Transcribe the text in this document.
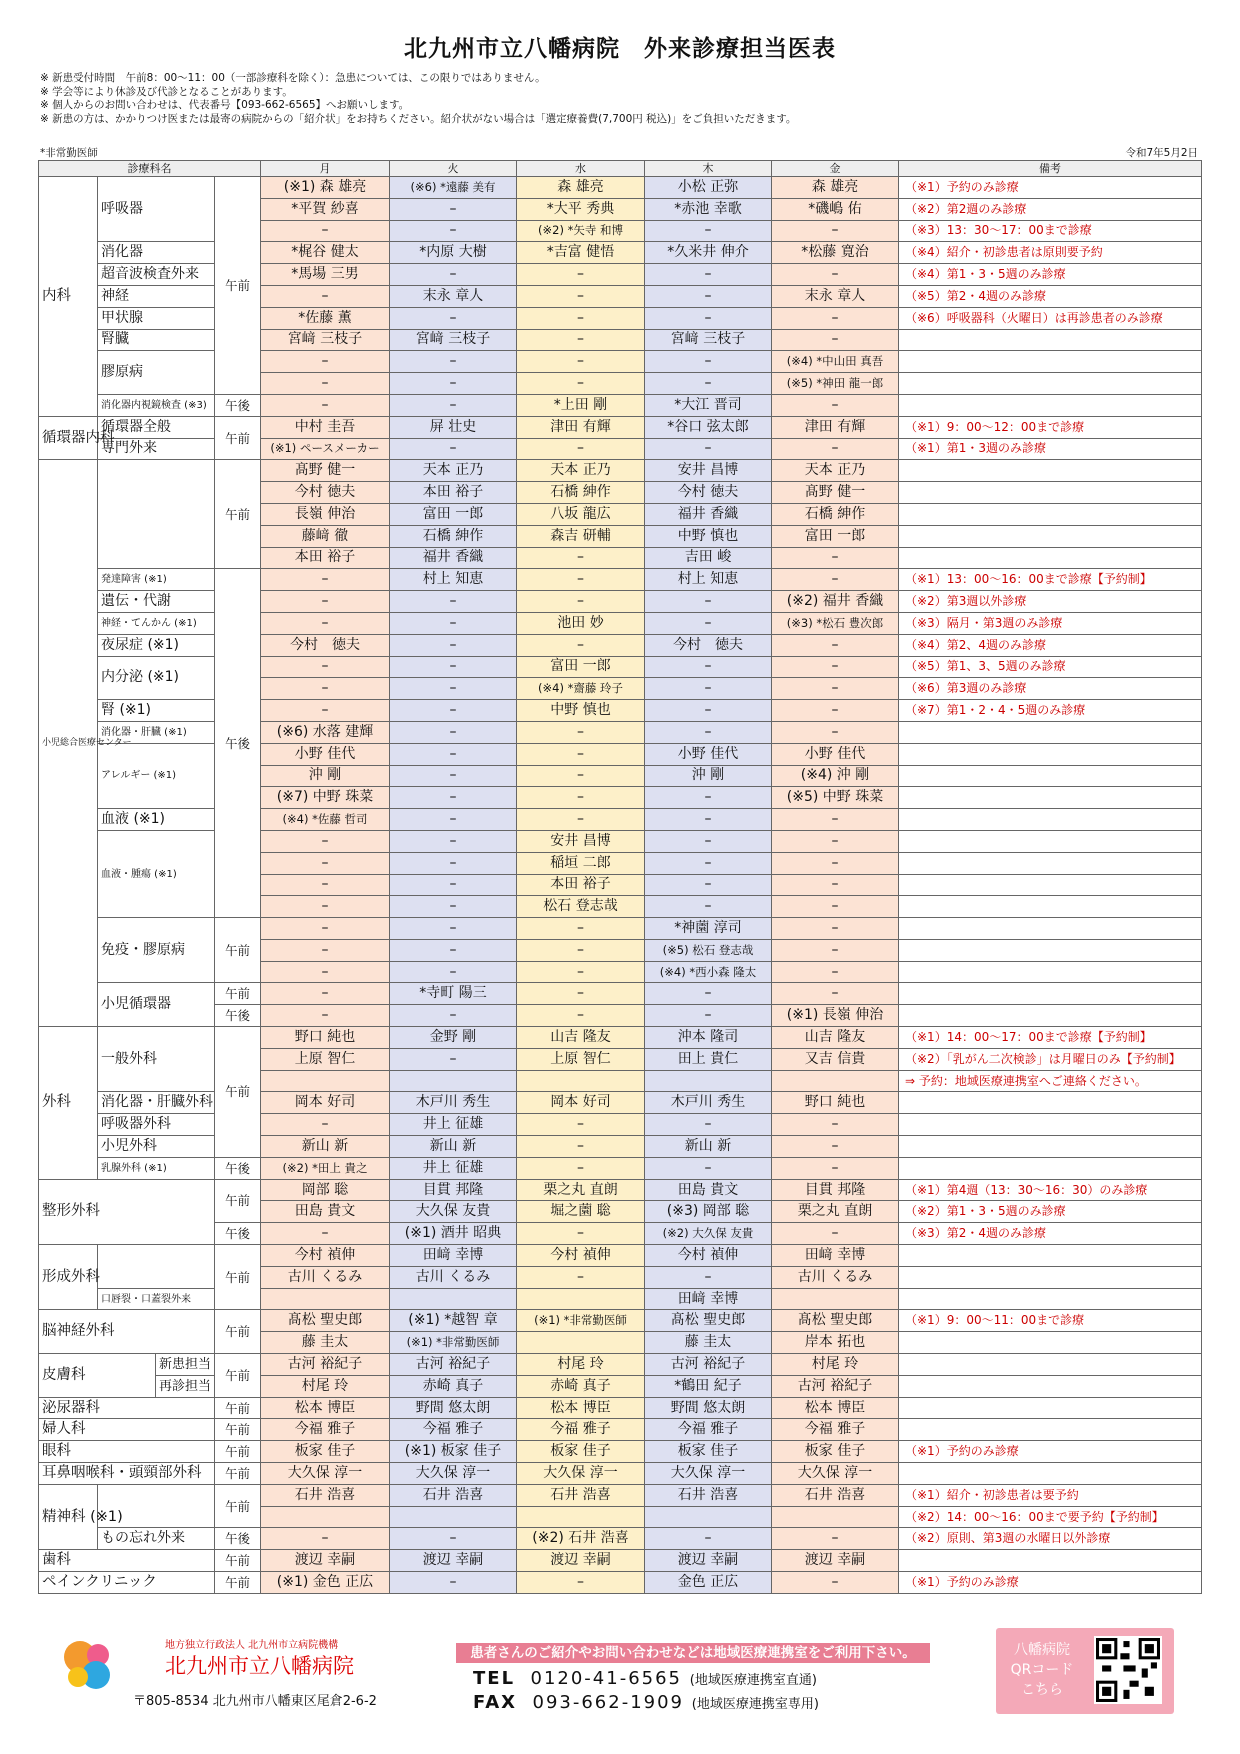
北九州市立八幡病院　外来診療担当医表
※ 新患受付時間　午前8：00〜11：00（一部診療科を除く）：急患については、この限りではありません。
※ 学会等により休診及び代診となることがあります。
※ 個人からのお問い合わせは、代表番号【093-662-6565】へお願いします。
※ 新患の方は、かかりつけ医または最寄の病院からの「紹介状」をお持ちください。紹介状がない場合は「選定療養費(7,700円 税込)」をご負担いただきます。
*非常勤医師	令和7年5月2日
診療科名				月	火	水	木	金	備考
内科	呼吸器		午前	(※1) 森 雄亮	(※6) *遠藤 美有	森 雄亮	小松 正弥	森 雄亮	（※1）予約のみ診療
				*平賀 紗喜	–	*大平 秀典	*赤池 幸歌	*磯嶋 佑	（※2）第2週のみ診療
				–	–	(※2) *矢寺 和博	–	–	（※3）13：30〜17：00まで診療
	消化器			*梶谷 健太	*内原 大樹	*吉富 健悟	*久米井 伸介	*松藤 寛治	（※4）紹介・初診患者は原則要予約
	超音波検査外来			*馬場 三男	–	–	–	–	（※4）第1・3・5週のみ診療
	神経			–	末永 章人	–	–	末永 章人	（※5）第2・4週のみ診療
	甲状腺			*佐藤 薫	–	–	–	–	（※6）呼吸器科（火曜日）は再診患者のみ診療
	腎臓			宮﨑 三枝子	宮﨑 三枝子	–	宮﨑 三枝子	–	
	膠原病			–	–	–	–	(※4) *中山田 真吾	
				–	–	–	–	(※5) *神田 龍一郎	
	消化器内視鏡検査 (※3)		午後	–	–	*上田 剛	*大江 晋司	–	
循環器内科	循環器全般		午前	中村 圭吾	屏 壮史	津田 有輝	*谷口 弦太郎	津田 有輝	（※1）9：00〜12：00まで診療
	専門外来			(※1) ペースメーカー	–	–	–	–	（※1）第1・3週のみ診療
小児総合医療センター			午前	髙野 健一	天本 正乃	天本 正乃	安井 昌博	天本 正乃	
				今村 徳夫	本田 裕子	石橋 紳作	今村 徳夫	髙野 健一	
				長嶺 伸治	富田 一郎	八坂 龍広	福井 香織	石橋 紳作	
				藤﨑 徹	石橋 紳作	森吉 研輔	中野 慎也	富田 一郎	
				本田 裕子	福井 香織	–	吉田 峻	–	
	発達障害 (※1)		午後	–	村上 知恵	–	村上 知恵	–	（※1）13：00〜16：00まで診療【予約制】
	遺伝・代謝			–	–	–	–	(※2) 福井 香織	（※2）第3週以外診療
	神経・てんかん (※1)			–	–	池田 妙	–	(※3) *松石 豊次郎	（※3）隔月・第3週のみ診療
	夜尿症 (※1)			今村　徳夫	–	–	今村　徳夫	–	（※4）第2、4週のみ診療
	内分泌 (※1)			–	–	富田 一郎	–	–	（※5）第1、3、5週のみ診療
				–	–	(※4) *齋藤 玲子	–	–	（※6）第3週のみ診療
	腎 (※1)			–	–	中野 慎也	–	–	（※7）第1・2・4・5週のみ診療
	消化器・肝臓 (※1)			(※6) 水落 建輝	–	–	–	–	
	アレルギー (※1)			小野 佳代	–	–	小野 佳代	小野 佳代	
				沖 剛	–	–	沖 剛	(※4) 沖 剛	
				(※7) 中野 珠菜	–	–	–	(※5) 中野 珠菜	
	血液 (※1)			(※4) *佐藤 哲司	–	–	–	–	
	血液・腫瘍 (※1)			–	–	安井 昌博	–	–	
				–	–	稲垣 二郎	–	–	
				–	–	本田 裕子	–	–	
				–	–	松石 登志哉	–	–	
	免疫・膠原病		午前	–	–	–	*神薗 淳司	–	
				–	–	–	(※5) 松石 登志哉	–	
				–	–	–	(※4) *西小森 隆太	–	
	小児循環器		午前	–	*寺町 陽三	–	–	–	
			午後	–	–	–	–	(※1) 長嶺 伸治	
外科	一般外科		午前	野口 純也	金野 剛	山吉 隆友	沖本 隆司	山吉 隆友	（※1）14：00〜17：00まで診療【予約制】
				上原 智仁	–	上原 智仁	田上 貴仁	又吉 信貴	（※2）「乳がん二次検診」は月曜日のみ【予約制】
									⇒ 予約：地域医療連携室へご連絡ください。
	消化器・肝臓外科			岡本 好司	木戸川 秀生	岡本 好司	木戸川 秀生	野口 純也	
	呼吸器外科			–	井上 征雄	–	–	–	
	小児外科			新山 新	新山 新	–	新山 新	–	
	乳腺外科 (※1)		午後	(※2) *田上 貴之	井上 征雄	–	–	–	
整形外科			午前	岡部 聡	目貫 邦隆	栗之丸 直朗	田島 貴文	目貫 邦隆	（※1）第4週（13：30〜16：30）のみ診療
				田島 貴文	大久保 友貴	堀之薗 聡	(※3) 岡部 聡	栗之丸 直朗	（※2）第1・3・5週のみ診療
			午後	–	(※1) 酒井 昭典	–	(※2) 大久保 友貴	–	（※3）第2・4週のみ診療
形成外科			午前	今村 禎伸	田﨑 幸博	今村 禎伸	今村 禎伸	田﨑 幸博	
				古川 くるみ	古川 くるみ	–	–	古川 くるみ	
	口唇裂・口蓋裂外来						田﨑 幸博		
脳神経外科			午前	髙松 聖史郎	(※1) *越智 章	(※1) *非常勤医師	髙松 聖史郎	髙松 聖史郎	（※1）9：00〜11：00まで診療
				藤 圭太	(※1) *非常勤医師		藤 圭太	岸本 拓也	
皮膚科		新患担当	午前	古河 裕紀子	古河 裕紀子	村尾 玲	古河 裕紀子	村尾 玲	
		再診担当		村尾 玲	赤崎 真子	赤崎 真子	*鶴田 紀子	古河 裕紀子	
泌尿器科			午前	松本 博臣	野間 悠太朗	松本 博臣	野間 悠太朗	松本 博臣	
婦人科			午前	今福 雅子	今福 雅子	今福 雅子	今福 雅子	今福 雅子	
眼科			午前	板家 佳子	(※1) 板家 佳子	板家 佳子	板家 佳子	板家 佳子	（※1）予約のみ診療
耳鼻咽喉科・頭頸部外科			午前	大久保 淳一	大久保 淳一	大久保 淳一	大久保 淳一	大久保 淳一	
精神科 (※1)			午前	石井 浩喜	石井 浩喜	石井 浩喜	石井 浩喜	石井 浩喜	（※1）紹介・初診患者は要予約
									（※2）14：00〜16：00まで要予約【予約制】
	もの忘れ外来		午後	–	–	(※2) 石井 浩喜	–	–	（※2）原則、第3週の水曜日以外診療
歯科			午前	渡辺 幸嗣	渡辺 幸嗣	渡辺 幸嗣	渡辺 幸嗣	渡辺 幸嗣	
ペインクリニック			午前	(※1) 金色 正広	–	–	金色 正広	–	（※1）予約のみ診療
地方独立行政法人 北九州市立病院機構
北九州市立八幡病院
〒805-8534 北九州市八幡東区尾倉2-6-2
患者さんのご紹介やお問い合わせなどは地域医療連携室をご利用下さい。
TEL 0120-41-6565 (地域医療連携室直通)
FAX 093-662-1909 (地域医療連携室専用)
八幡病院
QRコード
こちら
